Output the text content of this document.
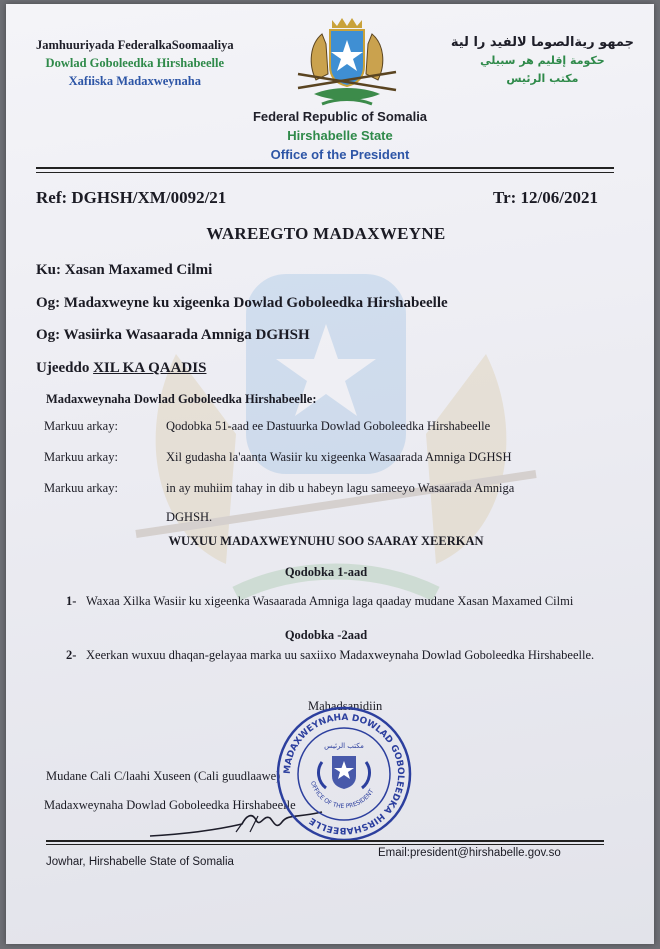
Jamhuuriyada FederalkaSoomaaliya
Dowlad Goboleedka Hirshabeelle
Xafiiska Madaxweynaha
جمهو ريةالصوما لالفيد را لية
حكومة إقليم هر سبيلي
مكتب الرئيس
Federal Republic of Somalia
Hirshabelle State
Office of the President
Ref: DGHSH/XM/0092/21	Tr: 12/06/2021
WAREEGTO MADAXWEYNE
Ku: Xasan Maxamed Cilmi
Og: Madaxweyne ku xigeenka Dowlad Goboleedka Hirshabeelle
Og: Wasiirka Wasaarada Amniga DGHSH
Ujeeddo XIL KA QAADIS
Madaxweynaha Dowlad Goboleedka Hirshabeelle:
Markuu arkay:	Qodobka 51-aad ee Dastuurka Dowlad Goboleedka Hirshabeelle
Markuu arkay:	Xil gudasha la'aanta Wasiir ku xigeenka Wasaarada Amniga DGHSH
Markuu arkay:	in ay muhiim tahay in dib u habeyn lagu sameeyo Wasaarada Amniga
DGHSH.
WUXUU MADAXWEYNUHU SOO SAARAY XEERKAN
Qodobka 1-aad
1- Waxaa Xilka Wasiir ku xigeenka Wasaarada Amniga laga qaaday mudane Xasan Maxamed Cilmi
Qodobka -2aad
2- Xeerkan wuxuu dhaqan-gelayaa marka uu saxiixo Madaxweynaha Dowlad Goboleedka Hirshabeelle.
Mahadsanidiin
Mudane Cali C/laahi Xuseen (Cali guudlaawe)
Madaxweynaha Dowlad Goboleedka Hirshabeelle
MADAXWEYNAHA DOWLAD GOBOLEEDKA HIRSHABEELLE
مكتب الرئيس
OFFICE OF THE PRESIDENT
Jowhar, Hirshabelle State of Somalia
Email:president@hirshabelle.gov.so
